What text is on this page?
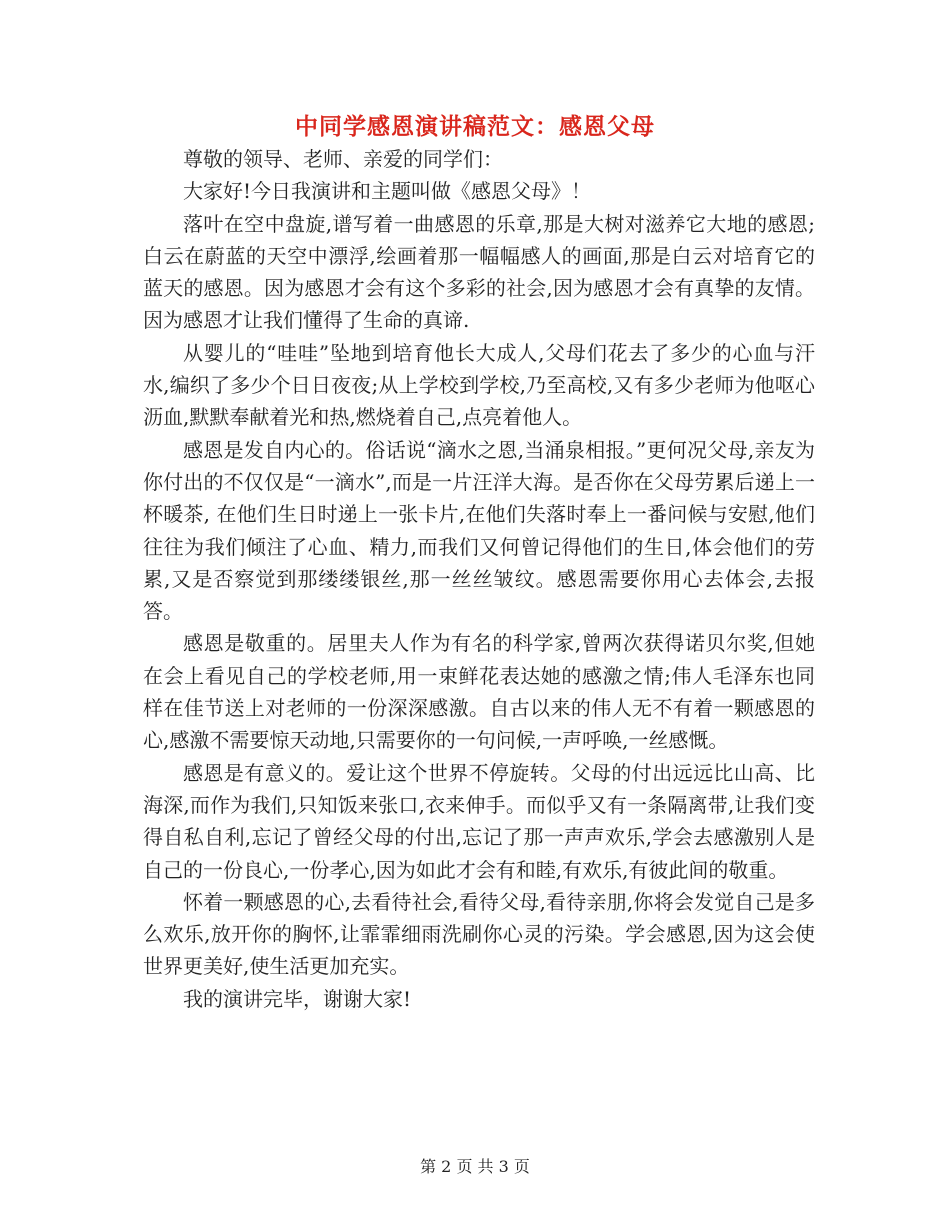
中同学感恩演讲稿范文：感恩父母

尊敬的领导、老师、亲爱的同学们：

大家好!今日我演讲和主题叫做《感恩父母》！

落叶在空中盘旋,谱写着一曲感恩的乐章,那是大树对滋养它大地的感恩;白云在蔚蓝的天空中漂浮,绘画着那一幅幅感人的画面,那是白云对培育它的蓝天的感恩。因为感恩才会有这个多彩的社会,因为感恩才会有真挚的友情。因为感恩才让我们懂得了生命的真谛.

从婴儿的“哇哇”坠地到培育他长大成人,父母们花去了多少的心血与汗水,编织了多少个日日夜夜;从上学校到学校,乃至高校,又有多少老师为他呕心沥血,默默奉献着光和热,燃烧着自己,点亮着他人。

感恩是发自内心的。俗话说“滴水之恩,当涌泉相报。”更何况父母,亲友为你付出的不仅仅是“一滴水”,而是一片汪洋大海。是否你在父母劳累后递上一杯暖茶, 在他们生日时递上一张卡片,在他们失落时奉上一番问候与安慰,他们往往为我们倾注了心血、精力,而我们又何曾记得他们的生日,体会他们的劳累,又是否察觉到那缕缕银丝,那一丝丝皱纹。感恩需要你用心去体会,去报答。

感恩是敬重的。居里夫人作为有名的科学家,曾两次获得诺贝尔奖,但她在会上看见自己的学校老师,用一束鲜花表达她的感激之情;伟人毛泽东也同样在佳节送上对老师的一份深深感激。自古以来的伟人无不有着一颗感恩的心,感激不需要惊天动地,只需要你的一句问候,一声呼唤,一丝感慨。

感恩是有意义的。爱让这个世界不停旋转。父母的付出远远比山高、比海深,而作为我们,只知饭来张口,衣来伸手。而似乎又有一条隔离带,让我们变得自私自利,忘记了曾经父母的付出,忘记了那一声声欢乐,学会去感激别人是自己的一份良心,一份孝心,因为如此才会有和睦,有欢乐,有彼此间的敬重。

怀着一颗感恩的心,去看待社会,看待父母,看待亲朋,你将会发觉自己是多么欢乐,放开你的胸怀,让霏霏细雨洗刷你心灵的污染。学会感恩,因为这会使世界更美好,使生活更加充实。

我的演讲完毕，谢谢大家!

第 2 页 共 3 页
